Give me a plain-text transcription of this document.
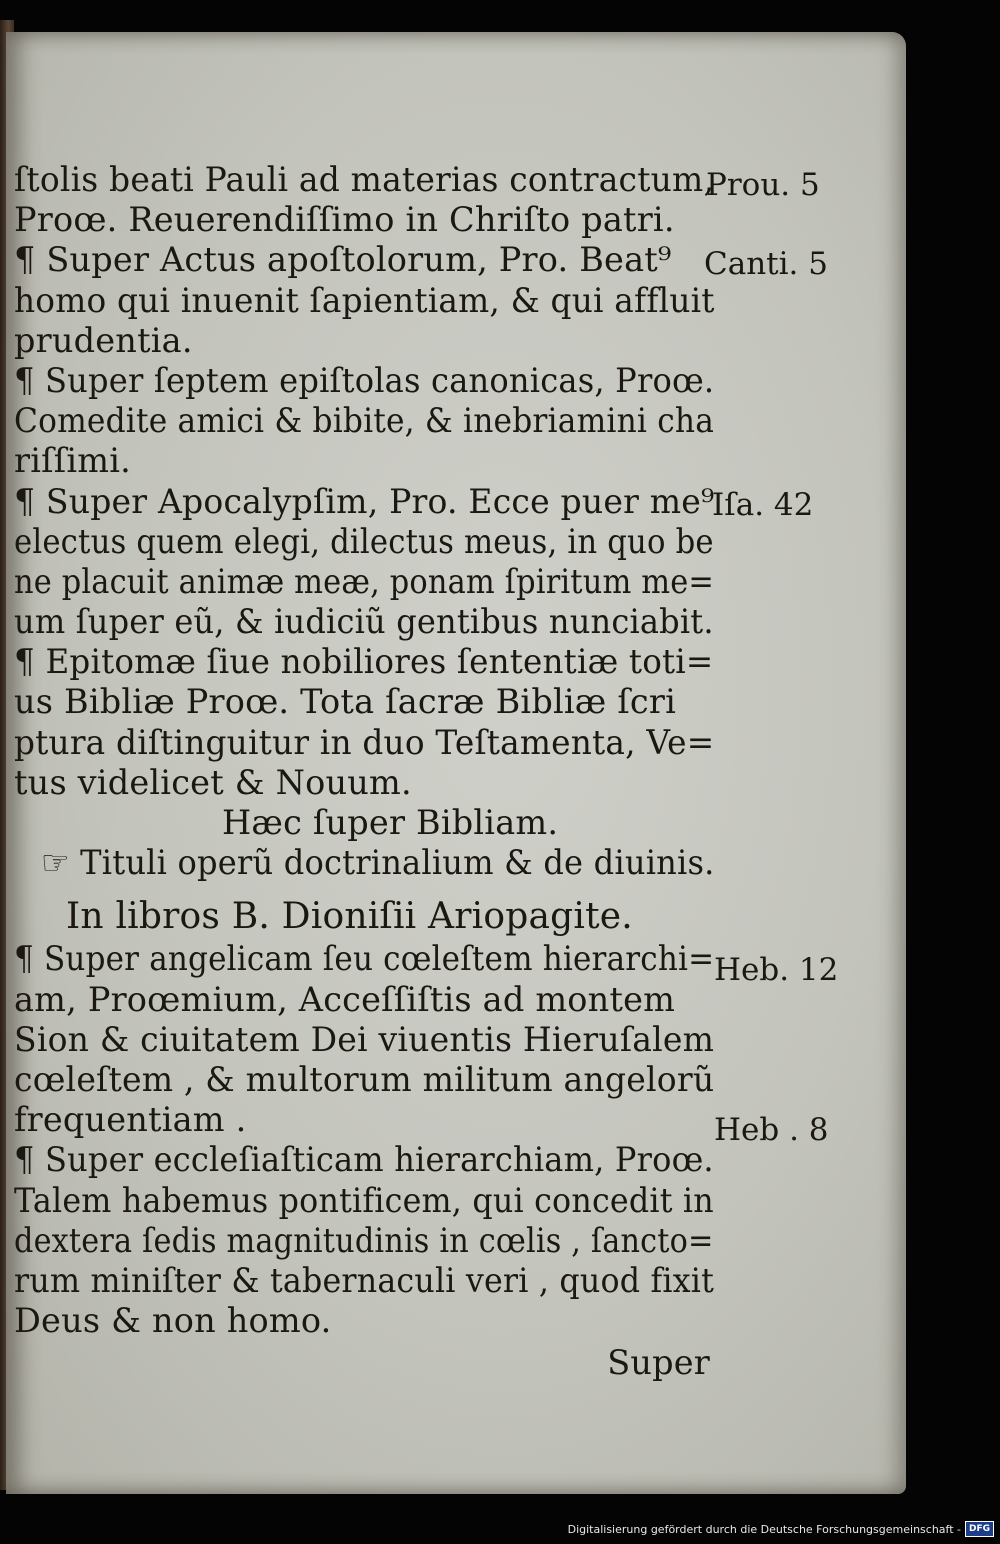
ſtolis beati Pauli ad materias contractum,
Proœ. Reuerendiſſimo in Chriſto patri.
¶ Super Actus apoſtolorum, Pro. Beat⁹
homo qui inuenit ſapientiam, & qui affluit
prudentia.
¶ Super ſeptem epiſtolas canonicas, Proœ.
Comedite amici & bibite, & inebriamini cha
riſſimi.
¶ Super Apocalypſim, Pro. Ecce puer me⁹
electus quem elegi, dilectus meus, in quo be
ne placuit animæ meæ, ponam ſpiritum me=
um ſuper eũ, & iudiciũ gentibus nunciabit.
¶ Epitomæ ſiue nobiliores ſententiæ toti=
us Bibliæ Proœ. Tota ſacræ Bibliæ ſcri
ptura diſtinguitur in duo Teſtamenta, Ve=
tus videlicet & Nouum.
Hæc ſuper Bibliam.
☞ Tituli operũ doctrinalium & de diuinis.
In libros B. Dioniſii Ariopagite.
¶ Super angelicam ſeu cœleſtem hierarchi=
am, Proœmium, Acceſſiſtis ad montem
Sion & ciuitatem Dei viuentis Hieruſalem
cœleſtem , & multorum militum angelorũ
frequentiam .
¶ Super eccleſiaſticam hierarchiam, Proœ.
Talem habemus pontificem, qui concedit in
dextera ſedis magnitudinis in cœlis , ſancto=
rum miniſter & tabernaculi veri , quod fixit
Deus & non homo.
Super
Prou. 5
Canti. 5
Iſa. 42
Heb. 12
Heb . 8
Digitalisierung gefördert durch die Deutsche Forschungsgemeinschaft - DFG
